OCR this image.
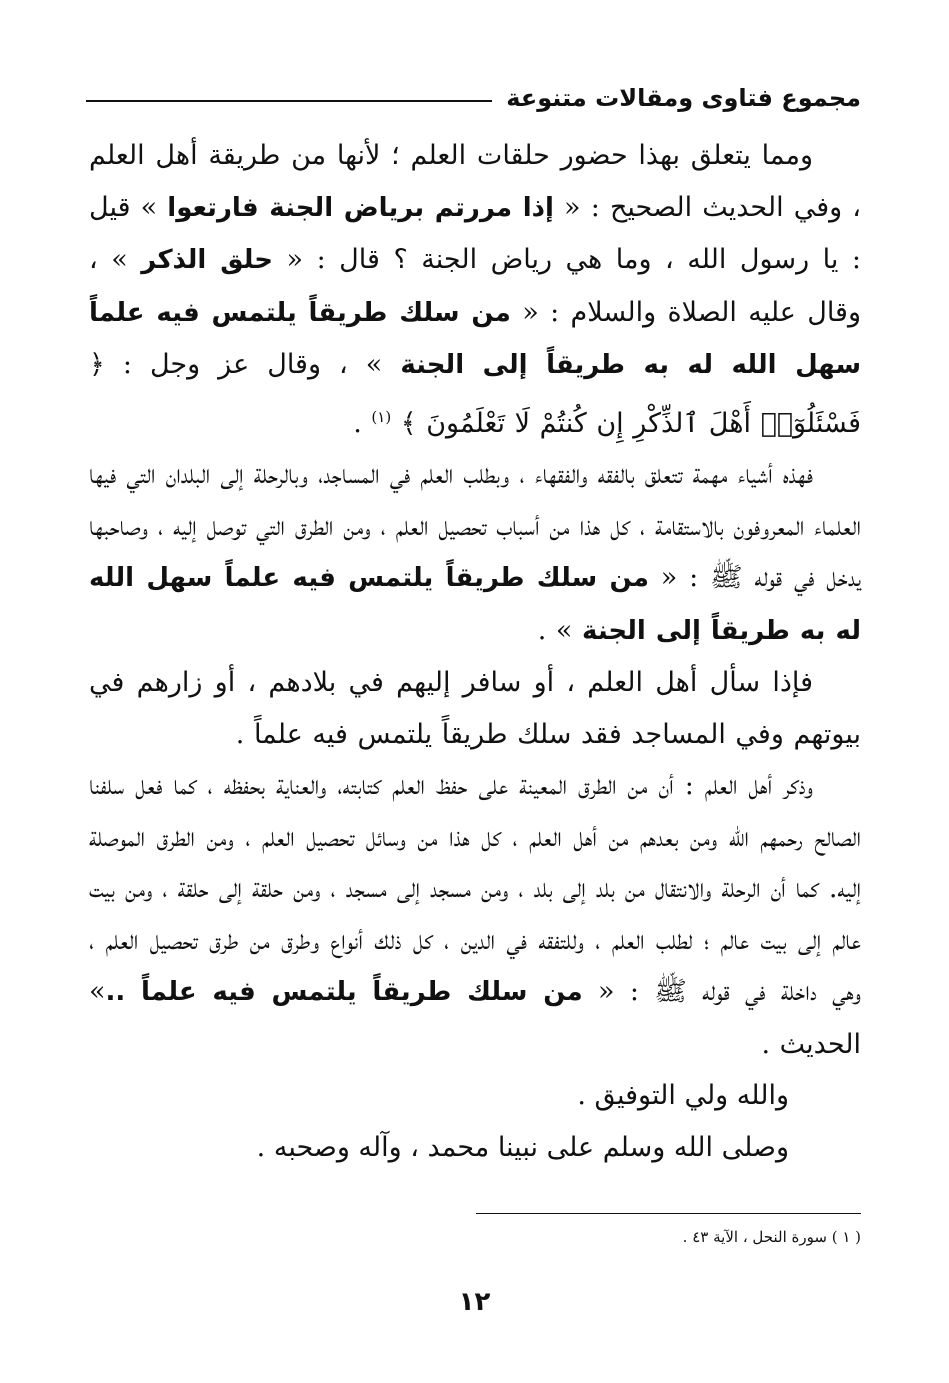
مجموع فتاوى ومقالات متنوعة

ومما يتعلق بهذا حضور حلقات العلم ؛ لأنها من طريقة أهل العلم ، وفي الحديث الصحيح : « إذا مررتم برياض الجنة فارتعوا » قيل : يا رسول الله ، وما هي رياض الجنة ؟ قال : « حلق الذكر » ، وقال عليه الصلاة والسلام : « من سلك طريقاً يلتمس فيه علماً سهل الله له به طريقاً إلى الجنة » ، وقال عز وجل : ﴿ فَسْئَلُوٓا۟ أَهْلَ ٱلذِّكْرِ إِن كُنتُمْ لَا تَعْلَمُونَ ﴾ $^{(١)}$ .

فهذه أشياء مهمة تتعلق بالفقه والفقهاء ، وبطلب العلم في المساجد، وبالرحلة إلى البلدان التي فيها العلماء المعروفون بالاستقامة ، كل هذا من أسباب تحصيل العلم ، ومن الطرق التي توصل إليه ، وصاحبها يدخل في قوله ﷺ : « من سلك طريقاً يلتمس فيه علماً سهل الله له به طريقاً إلى الجنة » .

فإذا سأل أهل العلم ، أو سافر إليهم في بلادهم ، أو زارهم في بيوتهم وفي المساجد فقد سلك طريقاً يلتمس فيه علماً .

وذكر أهل العلم : أن من الطرق المعينة على حفظ العلم كتابته، والعناية بحفظه ، كما فعل سلفنا الصالح رحمهم الله ومن بعدهم من أهل العلم ، كل هذا من وسائل تحصيل العلم ، ومن الطرق الموصلة إليه. كما أن الرحلة والانتقال من بلد إلى بلد ، ومن مسجد إلى مسجد ، ومن حلقة إلى حلقة ، ومن بيت عالم إلى بيت عالم ؛ لطلب العلم ، وللتفقه في الدين ، كل ذلك أنواع وطرق من طرق تحصيل العلم ، وهي داخلة في قوله ﷺ : « من سلك طريقاً يلتمس فيه علماً ..» الحديث .

والله ولي التوفيق .

وصلى الله وسلم على نبينا محمد ، وآله وصحبه .

( ١ ) سورة النحل ، الآية ٤٣ .
١٢
